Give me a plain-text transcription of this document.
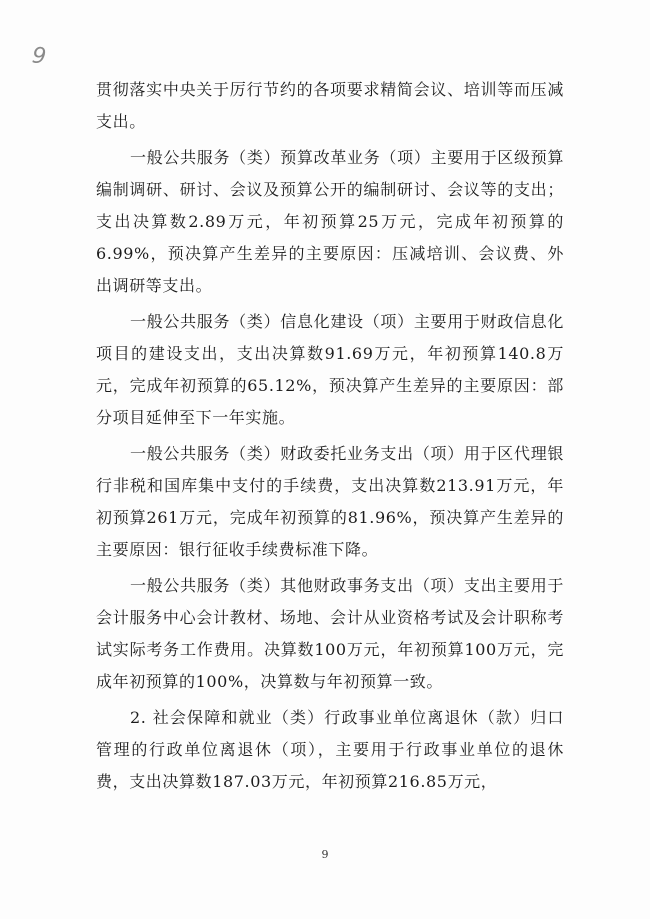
9

贯彻落实中央关于厉行节约的各项要求精简会议、培训等而压减支出。

一般公共服务（类）预算改革业务（项）主要用于区级预算编制调研、研讨、会议及预算公开的编制研讨、会议等的支出；支出决算数2.89万元，年初预算25万元，完成年初预算的6.99%，预决算产生差异的主要原因：压减培训、会议费、外出调研等支出。

一般公共服务（类）信息化建设（项）主要用于财政信息化项目的建设支出，支出决算数91.69万元，年初预算140.8万元，完成年初预算的65.12%，预决算产生差异的主要原因：部分项目延伸至下一年实施。

一般公共服务（类）财政委托业务支出（项）用于区代理银行非税和国库集中支付的手续费，支出决算数213.91万元，年初预算261万元，完成年初预算的81.96%，预决算产生差异的主要原因：银行征收手续费标准下降。

一般公共服务（类）其他财政事务支出（项）支出主要用于会计服务中心会计教材、场地、会计从业资格考试及会计职称考试实际考务工作费用。决算数100万元，年初预算100万元，完成年初预算的100%，决算数与年初预算一致。

2. 社会保障和就业（类）行政事业单位离退休（款）归口管理的行政单位离退休（项），主要用于行政事业单位的退休费，支出决算数187.03万元，年初预算216.85万元，

9
